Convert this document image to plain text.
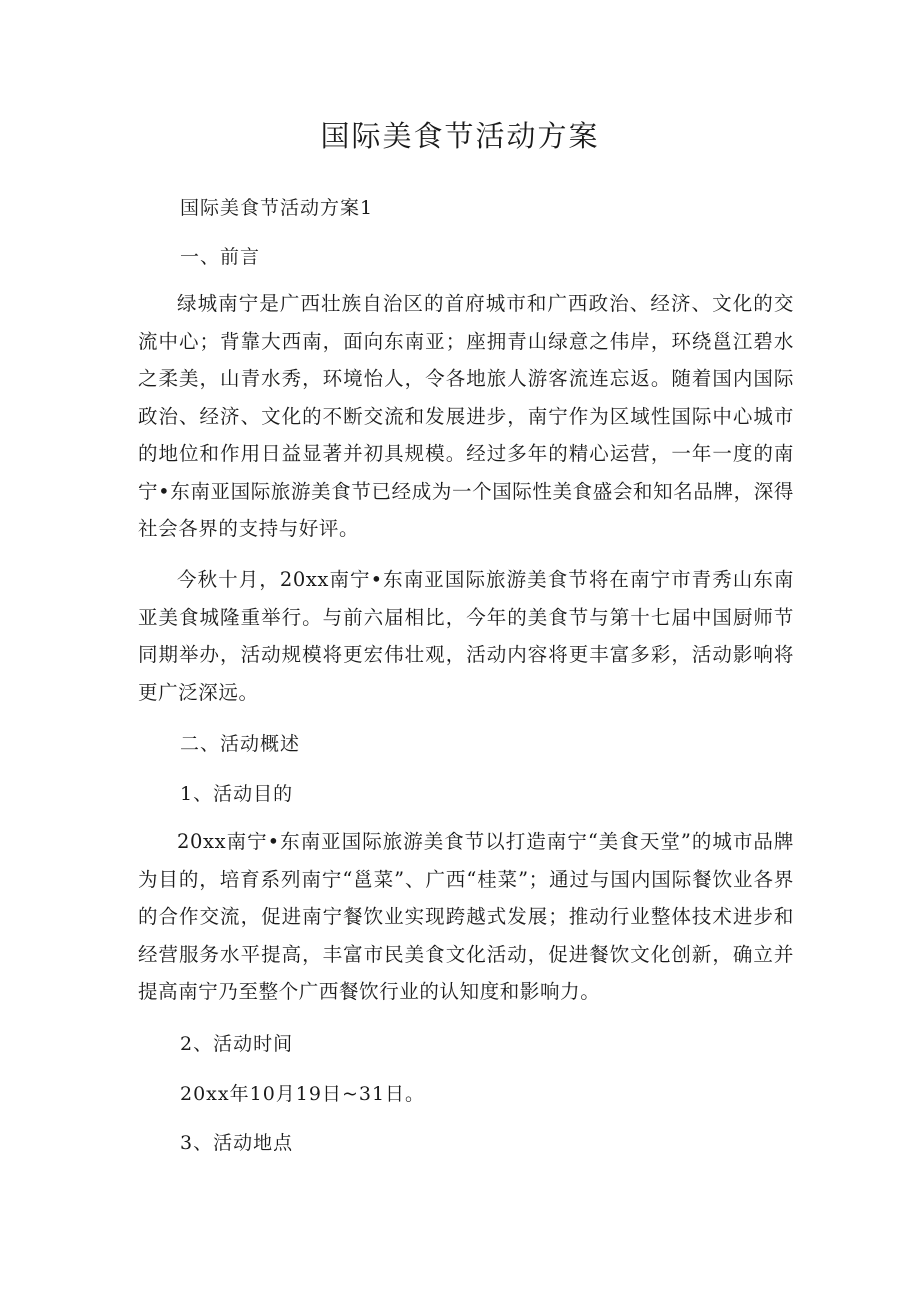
国际美食节活动方案
国际美食节活动方案1
一、前言

绿城南宁是广西壮族自治区的首府城市和广西政治、经济、文化的交流中心；背靠大西南，面向东南亚；座拥青山绿意之伟岸，环绕邕江碧水之柔美，山青水秀，环境怡人，令各地旅人游客流连忘返。随着国内国际政治、经济、文化的不断交流和发展进步，南宁作为区域性国际中心城市的地位和作用日益显著并初具规模。经过多年的精心运营，一年一度的南宁•东南亚国际旅游美食节已经成为一个国际性美食盛会和知名品牌，深得社会各界的支持与好评。

今秋十月，20xx南宁•东南亚国际旅游美食节将在南宁市青秀山东南亚美食城隆重举行。与前六届相比，今年的美食节与第十七届中国厨师节同期举办，活动规模将更宏伟壮观，活动内容将更丰富多彩，活动影响将更广泛深远。

二、活动概述
1、活动目的

20xx南宁•东南亚国际旅游美食节以打造南宁“美食天堂”的城市品牌为目的，培育系列南宁“邕菜”、广西“桂菜”；通过与国内国际餐饮业各界的合作交流，促进南宁餐饮业实现跨越式发展；推动行业整体技术进步和经营服务水平提高，丰富市民美食文化活动，促进餐饮文化创新，确立并提高南宁乃至整个广西餐饮行业的认知度和影响力。

2、活动时间
20xx年10月19日~31日。
3、活动地点
